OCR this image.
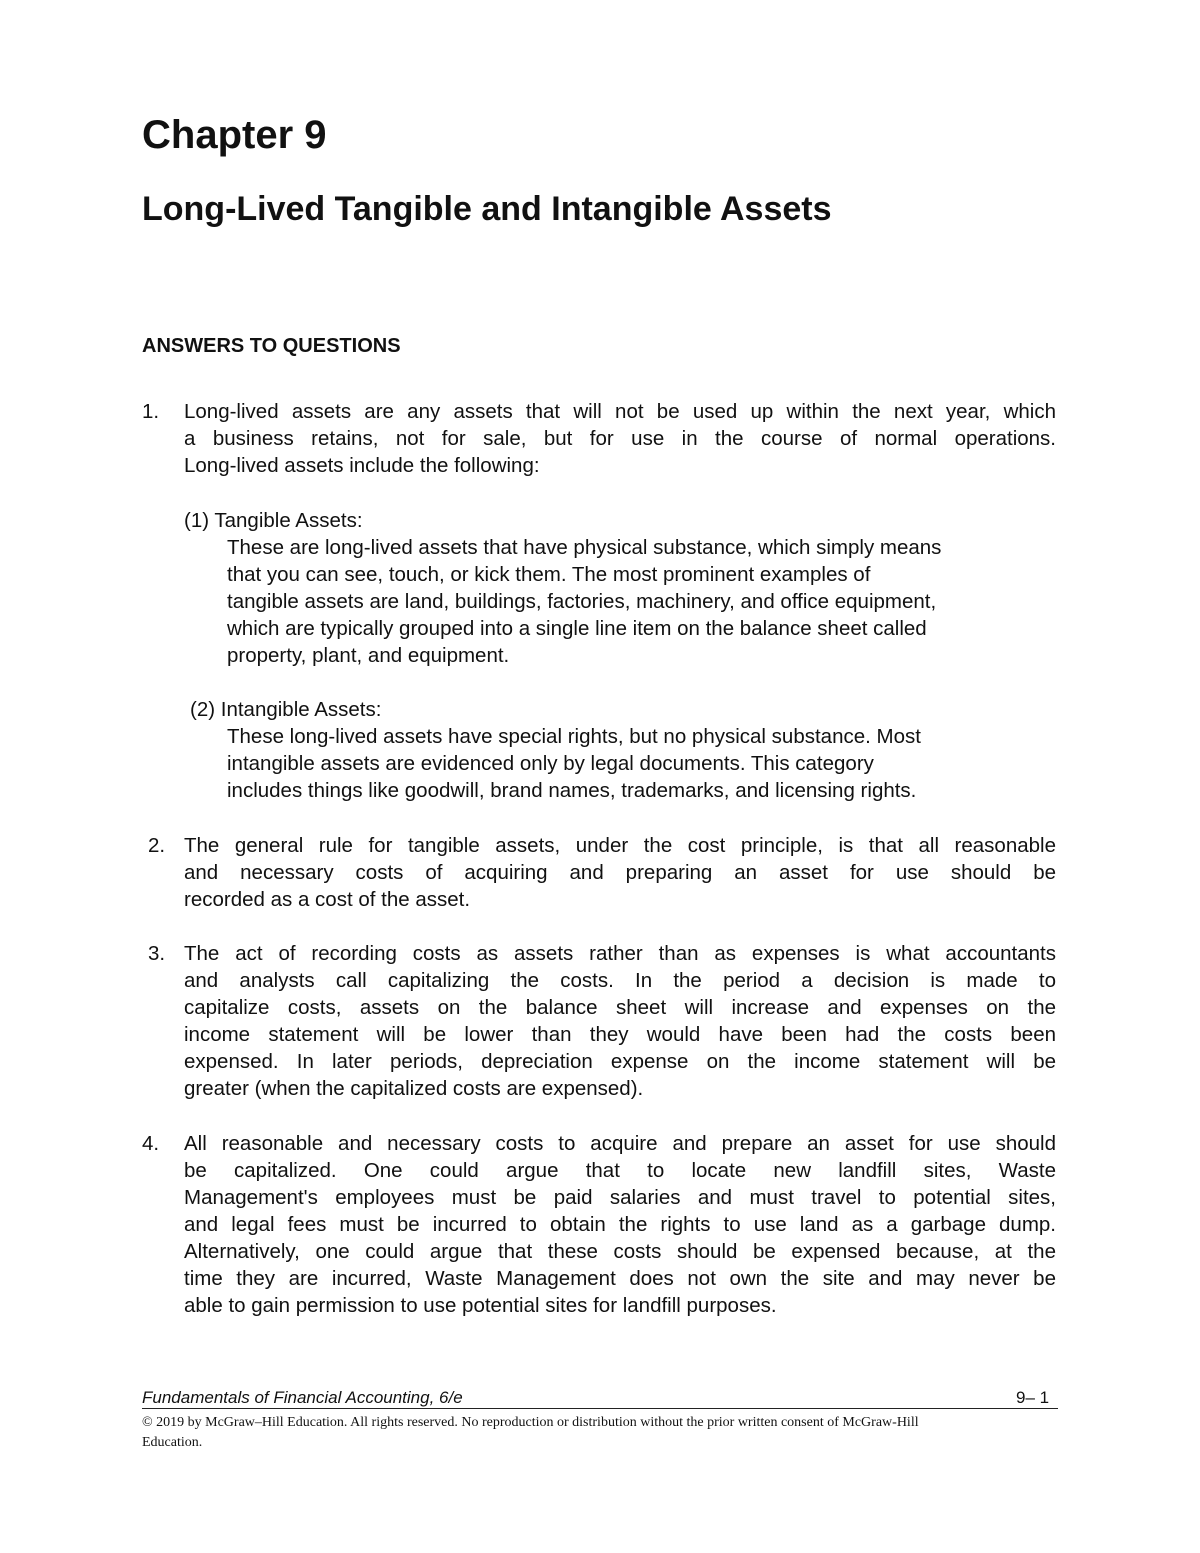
Chapter 9
Long-Lived Tangible and Intangible Assets
ANSWERS TO QUESTIONS
1.	Long-lived assets are any assets that will not be used up within the next year, which
a business retains, not for sale, but for use in the course of normal operations.
Long-lived assets include the following:
(1) Tangible Assets:
These are long-lived assets that have physical substance, which simply means
that you can see, touch, or kick them. The most prominent examples of
tangible assets are land, buildings, factories, machinery, and office equipment,
which are typically grouped into a single line item on the balance sheet called
property, plant, and equipment.
(2) Intangible Assets:
These long-lived assets have special rights, but no physical substance. Most
intangible assets are evidenced only by legal documents. This category
includes things like goodwill, brand names, trademarks, and licensing rights.
2. The general rule for tangible assets, under the cost principle, is that all reasonable
and necessary costs of acquiring and preparing an asset for use should be
recorded as a cost of the asset.
3. The act of recording costs as assets rather than as expenses is what accountants
and analysts call capitalizing the costs. In the period a decision is made to
capitalize costs, assets on the balance sheet will increase and expenses on the
income statement will be lower than they would have been had the costs been
expensed. In later periods, depreciation expense on the income statement will be
greater (when the capitalized costs are expensed).
4.	All reasonable and necessary costs to acquire and prepare an asset for use should
be capitalized. One could argue that to locate new landfill sites, Waste
Management's employees must be paid salaries and must travel to potential sites,
and legal fees must be incurred to obtain the rights to use land as a garbage dump.
Alternatively, one could argue that these costs should be expensed because, at the
time they are incurred, Waste Management does not own the site and may never be
able to gain permission to use potential sites for landfill purposes.
Fundamentals of Financial Accounting, 6/e	9– 1
© 2019 by McGraw–Hill Education. All rights reserved. No reproduction or distribution without the prior written consent of McGraw-Hill
Education.
